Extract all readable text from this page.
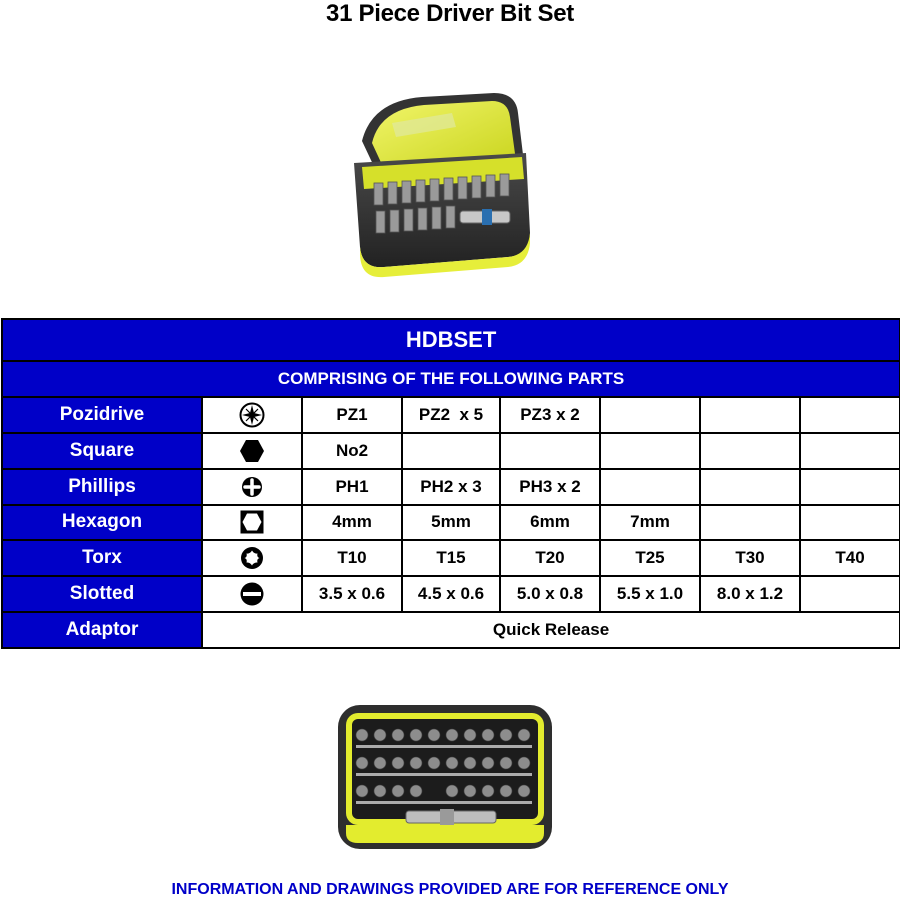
31 Piece Driver Bit Set
HDBSET							
COMPRISING OF THE FOLLOWING PARTS							
Pozidrive		PZ1	PZ2  x 5	PZ3 x 2			
Square		No2					
Phillips		PH1	PH2 x 3	PH3 x 2			
Hexagon		4mm	5mm	6mm	7mm		
Torx		T10	T15	T20	T25	T30	T40
Slotted		3.5 x 0.6	4.5 x 0.6	5.0 x 0.8	5.5 x 1.0	8.0 x 1.2	
Adaptor	Quick Release						
INFORMATION AND DRAWINGS PROVIDED ARE FOR REFERENCE ONLY
